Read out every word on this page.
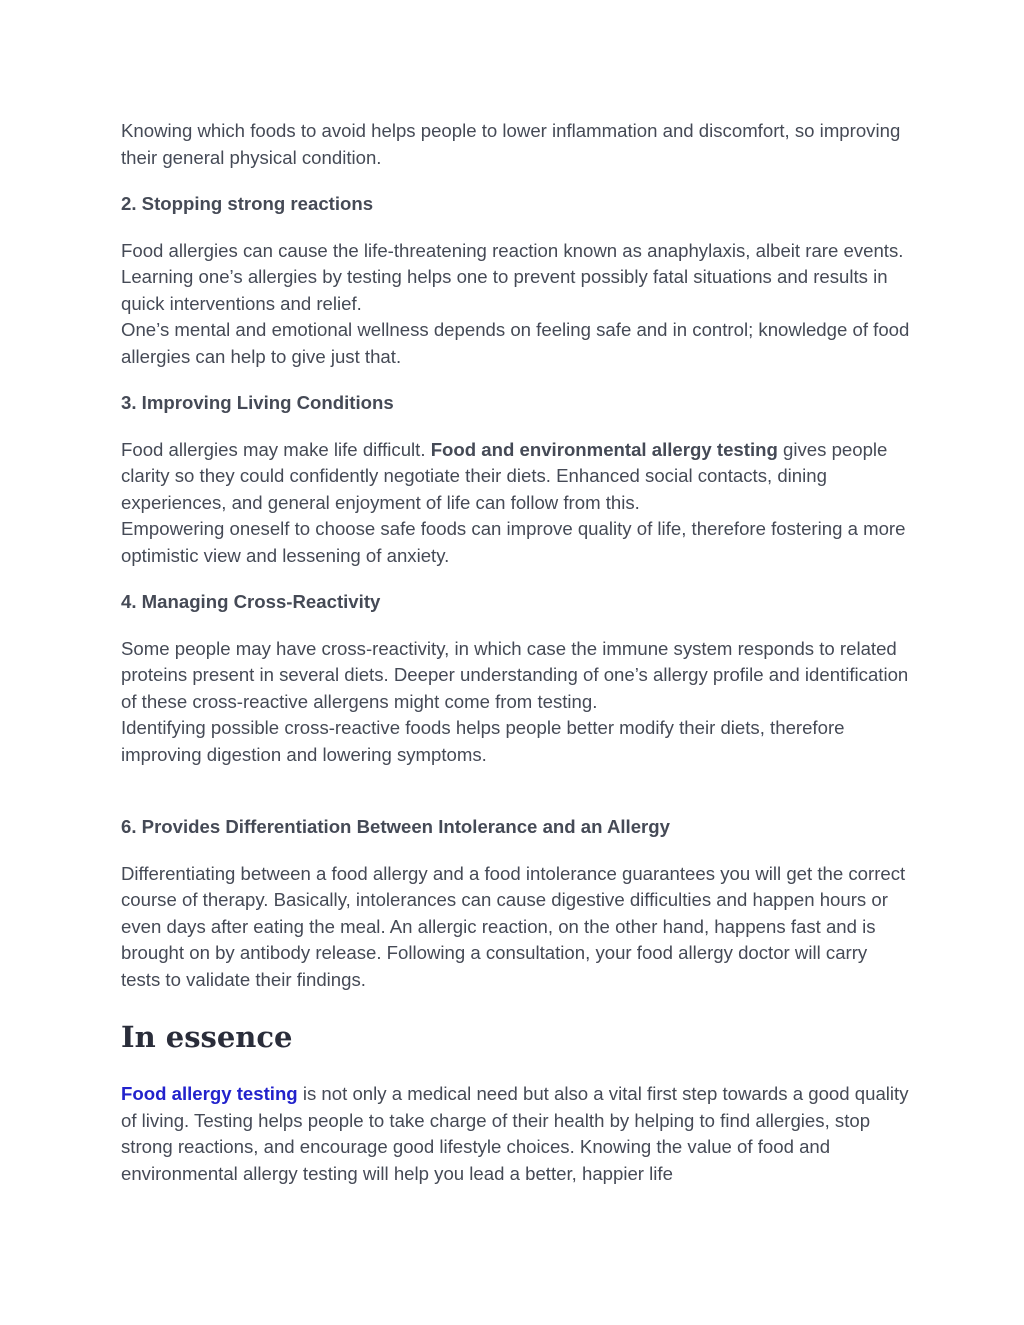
Knowing which foods to avoid helps people to lower inflammation and discomfort, so improving their general physical condition.

2. Stopping strong reactions

Food allergies can cause the life-threatening reaction known as anaphylaxis, albeit rare events. Learning one’s allergies by testing helps one to prevent possibly fatal situations and results in quick interventions and relief.

One’s mental and emotional wellness depends on feeling safe and in control; knowledge of food allergies can help to give just that.

3. Improving Living Conditions

Food allergies may make life difficult. Food and environmental allergy testing gives people clarity so they could confidently negotiate their diets. Enhanced social contacts, dining experiences, and general enjoyment of life can follow from this.

Empowering oneself to choose safe foods can improve quality of life, therefore fostering a more optimistic view and lessening of anxiety.

4. Managing Cross-Reactivity

Some people may have cross-reactivity, in which case the immune system responds to related proteins present in several diets. Deeper understanding of one’s allergy profile and identification of these cross-reactive allergens might come from testing.

Identifying possible cross-reactive foods helps people better modify their diets, therefore improving digestion and lowering symptoms.

6. Provides Differentiation Between Intolerance and an Allergy

Differentiating between a food allergy and a food intolerance guarantees you will get the correct course of therapy. Basically, intolerances can cause digestive difficulties and happen hours or even days after eating the meal. An allergic reaction, on the other hand, happens fast and is brought on by antibody release. Following a consultation, your food allergy doctor will carry tests to validate their findings.

In essence

Food allergy testing is not only a medical need but also a vital first step towards a good quality of living. Testing helps people to take charge of their health by helping to find allergies, stop strong reactions, and encourage good lifestyle choices. Knowing the value of food and environmental allergy testing will help you lead a better, happier life
